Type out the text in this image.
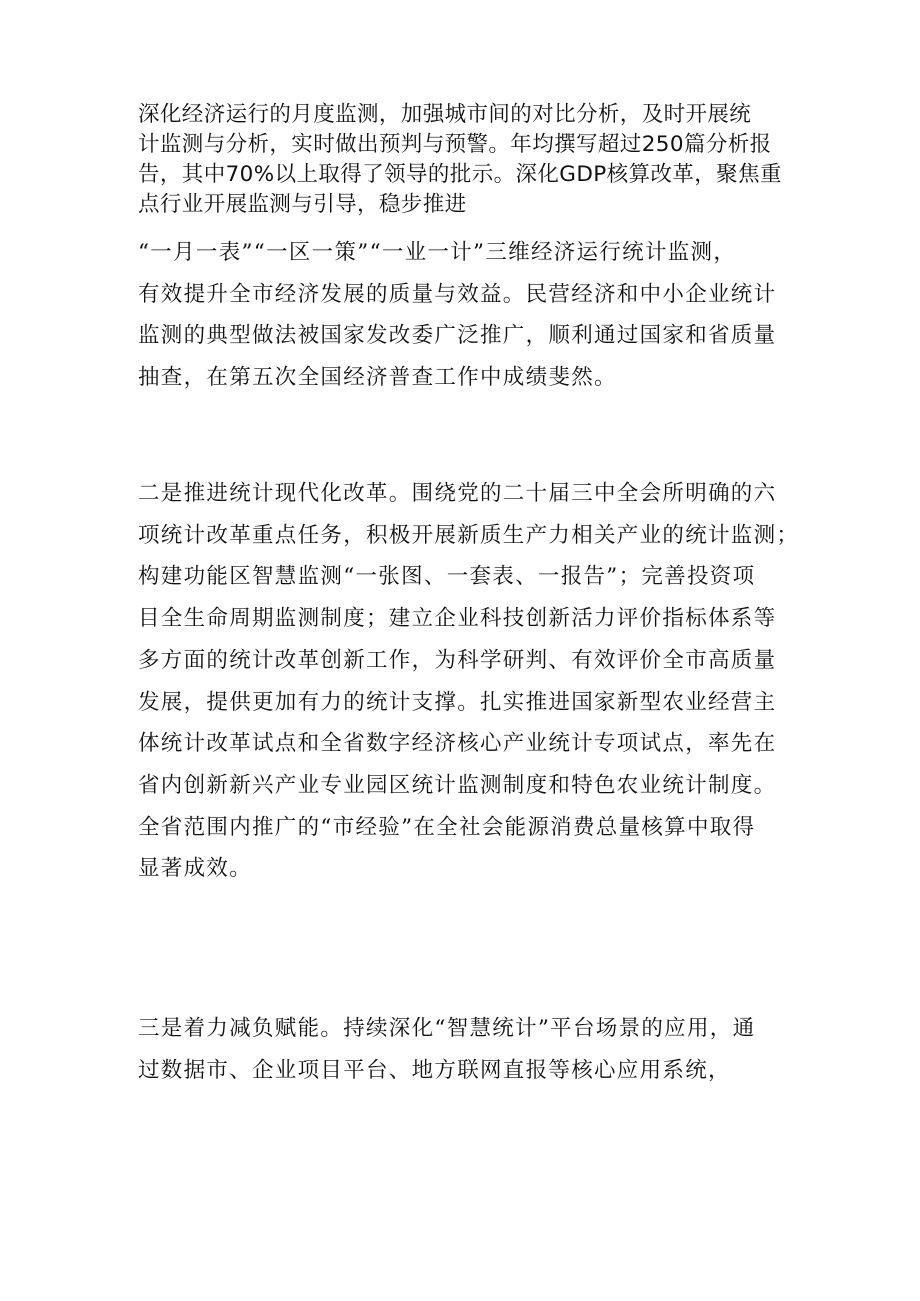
深化经济运行的月度监测，加强城市间的对比分析，及时开展统
计监测与分析，实时做出预判与预警。年均撰写超过250篇分析报
告，其中70%以上取得了领导的批示。深化GDP核算改革，聚焦重
点行业开展监测与引导，稳步推进
“一月一表”“一区一策”“一业一计”三维经济运行统计监测，
有效提升全市经济发展的质量与效益。民营经济和中小企业统计
监测的典型做法被国家发改委广泛推广，顺利通过国家和省质量
抽查，在第五次全国经济普查工作中成绩斐然。
二是推进统计现代化改革。围绕党的二十届三中全会所明确的六
项统计改革重点任务，积极开展新质生产力相关产业的统计监测；
构建功能区智慧监测“一张图、一套表、一报告”；完善投资项
目全生命周期监测制度；建立企业科技创新活力评价指标体系等
多方面的统计改革创新工作，为科学研判、有效评价全市高质量
发展，提供更加有力的统计支撑。扎实推进国家新型农业经营主
体统计改革试点和全省数字经济核心产业统计专项试点，率先在
省内创新新兴产业专业园区统计监测制度和特色农业统计制度。
全省范围内推广的“市经验”在全社会能源消费总量核算中取得
显著成效。
三是着力减负赋能。持续深化“智慧统计”平台场景的应用，通
过数据市、企业项目平台、地方联网直报等核心应用系统，
